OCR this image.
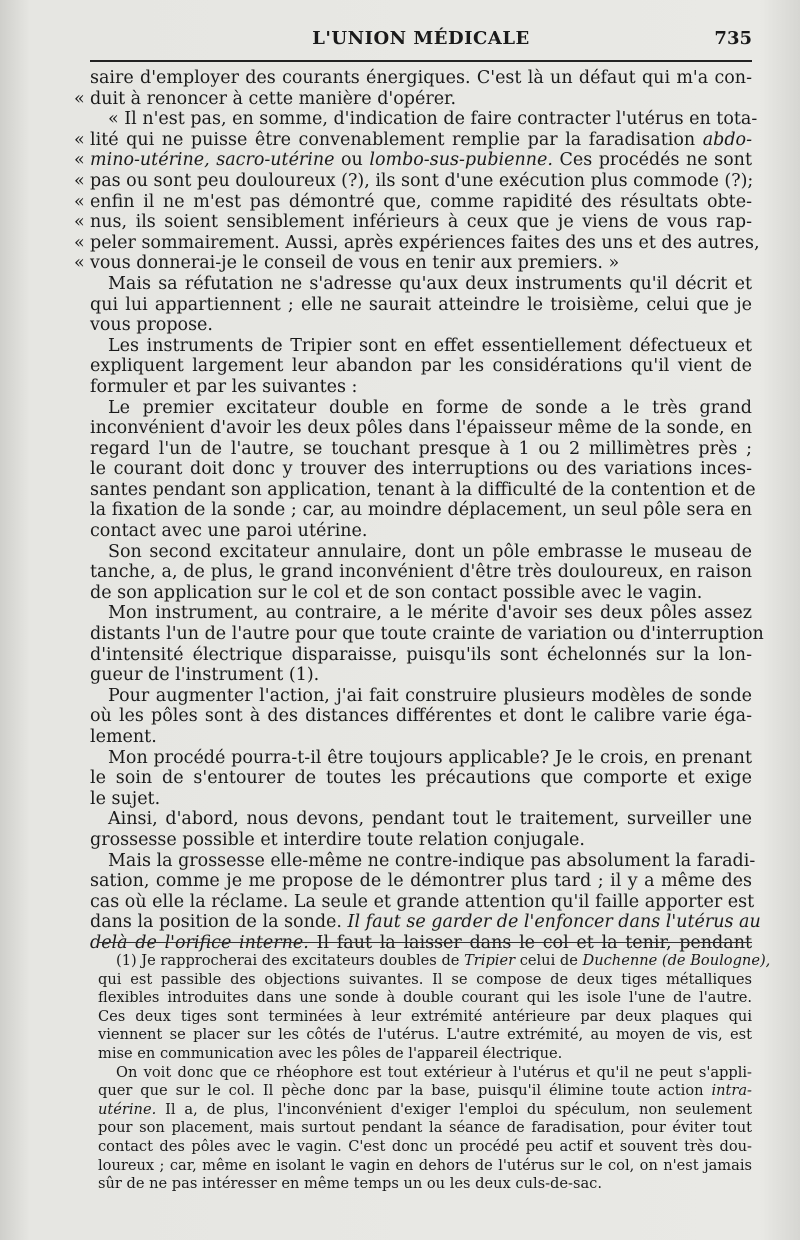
L'UNION MÉDICALE	735
saire d'employer des courants énergiques. C'est là un défaut qui m'a con-
« duit à renoncer à cette manière d'opérer.
« Il n'est pas, en somme, d'indication de faire contracter l'utérus en tota-
« lité qui ne puisse être convenablement remplie par la faradisation abdo-
« mino-utérine, sacro-utérine ou lombo-sus-pubienne. Ces procédés ne sont
« pas ou sont peu douloureux (?), ils sont d'une exécution plus commode (?);
« enfin il ne m'est pas démontré que, comme rapidité des résultats obte-
« nus, ils soient sensiblement inférieurs à ceux que je viens de vous rap-
« peler sommairement. Aussi, après expériences faites des uns et des autres,
« vous donnerai-je le conseil de vous en tenir aux premiers. »
Mais sa réfutation ne s'adresse qu'aux deux instruments qu'il décrit et
qui lui appartiennent ; elle ne saurait atteindre le troisième, celui que je
vous propose.
Les instruments de Tripier sont en effet essentiellement défectueux et
expliquent largement leur abandon par les considérations qu'il vient de
formuler et par les suivantes :
Le premier excitateur double en forme de sonde a le très grand
inconvénient d'avoir les deux pôles dans l'épaisseur même de la sonde, en
regard l'un de l'autre, se touchant presque à 1 ou 2 millimètres près ;
le courant doit donc y trouver des interruptions ou des variations inces-
santes pendant son application, tenant à la difficulté de la contention et de
la fixation de la sonde ; car, au moindre déplacement, un seul pôle sera en
contact avec une paroi utérine.
Son second excitateur annulaire, dont un pôle embrasse le museau de
tanche, a, de plus, le grand inconvénient d'être très douloureux, en raison
de son application sur le col et de son contact possible avec le vagin.
Mon instrument, au contraire, a le mérite d'avoir ses deux pôles assez
distants l'un de l'autre pour que toute crainte de variation ou d'interruption
d'intensité électrique disparaisse, puisqu'ils sont échelonnés sur la lon-
gueur de l'instrument (1).
Pour augmenter l'action, j'ai fait construire plusieurs modèles de sonde
où les pôles sont à des distances différentes et dont le calibre varie éga-
lement.
Mon procédé pourra-t-il être toujours applicable? Je le crois, en prenant
le soin de s'entourer de toutes les précautions que comporte et exige
le sujet.
Ainsi, d'abord, nous devons, pendant tout le traitement, surveiller une
grossesse possible et interdire toute relation conjugale.
Mais la grossesse elle-même ne contre-indique pas absolument la faradi-
sation, comme je me propose de le démontrer plus tard ; il y a même des
cas où elle la réclame. La seule et grande attention qu'il faille apporter est
dans la position de la sonde. Il faut se garder de l'enfoncer dans l'utérus au
delà de l'orifice interne. Il faut la laisser dans le col et la tenir, pendant
(1) Je rapprocherai des excitateurs doubles de Tripier celui de Duchenne (de Boulogne),
qui est passible des objections suivantes. Il se compose de deux tiges métalliques
flexibles introduites dans une sonde à double courant qui les isole l'une de l'autre.
Ces deux tiges sont terminées à leur extrémité antérieure par deux plaques qui
viennent se placer sur les côtés de l'utérus. L'autre extrémité, au moyen de vis, est
mise en communication avec les pôles de l'appareil électrique.
On voit donc que ce rhéophore est tout extérieur à l'utérus et qu'il ne peut s'appli-
quer que sur le col. Il pèche donc par la base, puisqu'il élimine toute action intra-
utérine. Il a, de plus, l'inconvénient d'exiger l'emploi du spéculum, non seulement
pour son placement, mais surtout pendant la séance de faradisation, pour éviter tout
contact des pôles avec le vagin. C'est donc un procédé peu actif et souvent très dou-
loureux ; car, même en isolant le vagin en dehors de l'utérus sur le col, on n'est jamais
sûr de ne pas intéresser en même temps un ou les deux culs-de-sac.
